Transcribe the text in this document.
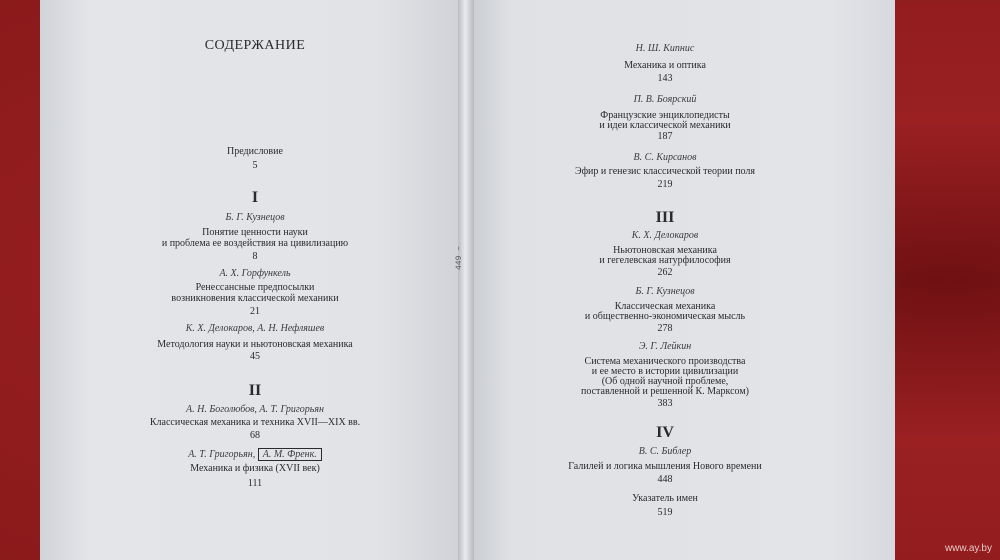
449 –
СОДЕРЖАНИЕ
Предисловие
5
I
Б. Г. Кузнецов
Понятие ценности науки
и проблема ее воздействия на цивилизацию
8
А. Х. Горфункель
Ренессансные предпосылки
возникновения классической механики
21
К. Х. Делокаров, А. Н. Нефляшев
Методология науки и ньютоновская механика
45
II
А. Н. Боголюбов, А. Т. Григорьян
Классическая механика и техника XVII—XIX вв.
68
А. Т. Григорьян, А. М. Френк.
Механика и физика (XVII век)
111
Н. Ш. Кипнис
Механика и оптика
143
П. В. Боярский
Французские энциклопедисты
и идеи классической механики
187
В. С. Кирсанов
Эфир и генезис классической теории поля
219
III
К. Х. Делокаров
Ньютоновская механика
и гегелевская натурфилософия
262
Б. Г. Кузнецов
Классическая механика
и общественно-экономическая мысль
278
Э. Г. Лейкин
Система механического производства
и ее место в истории цивилизации
(Об одной научной проблеме,
поставленной и решенной К. Марксом)
383
IV
В. С. Библер
Галилей и логика мышления Нового времени
448
Указатель имен
519
www.ay.by
